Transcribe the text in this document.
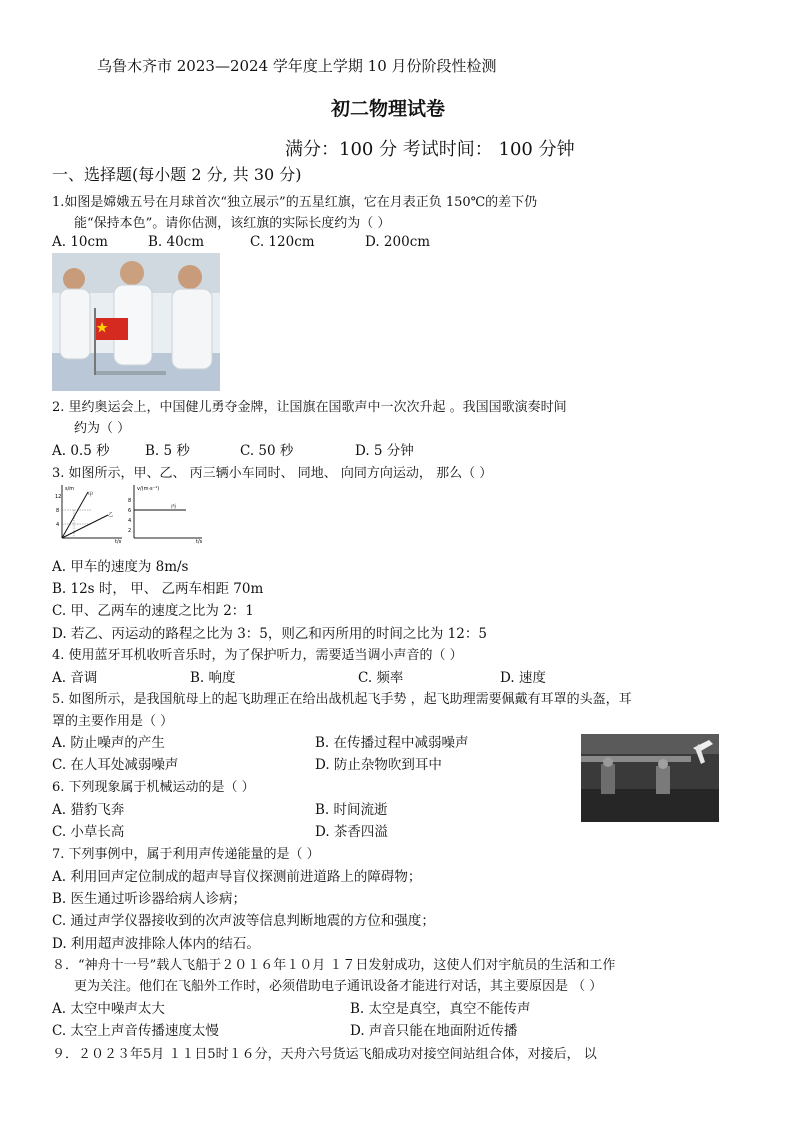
乌鲁木齐市 2023—2024 学年度上学期 10 月份阶段性检测
初二物理试卷
满分：100 分 考试时间： 100 分钟
一、选择题(每小题 2 分, 共 30 分)
1.如图是嫦娥五号在月球首次“独立展示”的五星红旗，它在月表正负 150℃的差下仍
能“保持本色”。请你估测，该红旗的实际长度约为（ ）
A. 10cm	B. 40cm	C. 120cm	D. 200cm
2. 里约奥运会上，中国健儿勇夺金牌，让国旗在国歌声中一次次升起 。我国国歌演奏时间
约为（ ）
A. 0.5 秒	B. 5 秒	C. 50 秒	D. 5 分钟
3. 如图所示，甲、乙、 丙三辆小车同时、 同地、 向同方向运动， 那么（ ）
s/m
t/s
12
8
4
甲
乙
v/(m·s⁻¹)
t/s
8
6
4
2
丙
A. 甲车的速度为 8m/s
B. 12s 时， 甲、 乙两车相距 70m
C. 甲、乙两车的速度之比为 2：1
D. 若乙、丙运动的路程之比为 3：5，则乙和丙所用的时间之比为 12：5
4. 使用蓝牙耳机收听音乐时，为了保护听力，需要适当调小声音的（ ）
A. 音调	B. 响度	C. 频率	D. 速度
5. 如图所示，是我国航母上的起飞助理正在给出战机起飞手势 ，起飞助理需要佩戴有耳罩的头盔，耳
罩的主要作用是（ ）
A. 防止噪声的产生	B. 在传播过程中减弱噪声
C. 在人耳处减弱噪声	D. 防止杂物吹到耳中
6. 下列现象属于机械运动的是（ ）
A. 猎豹飞奔	B. 时间流逝
C. 小草长高	D. 茶香四溢
7. 下列事例中，属于利用声传递能量的是（ ）
A. 利用回声定位制成的超声导盲仪探测前进道路上的障碍物；
B. 医生通过听诊器给病人诊病；
C. 通过声学仪器接收到的次声波等信息判断地震的方位和强度；
D. 利用超声波排除人体内的结石。
８．“神舟十一号”载人飞船于２０１６年１０月 １７日发射成功，这使人们对宇航员的生活和工作
更为关注。他们在飞船外工作时，必须借助电子通讯设备才能进行对话，其主要原因是 （ ）
A. 太空中噪声太大	B. 太空是真空，真空不能传声
C. 太空上声音传播速度太慢	D. 声音只能在地面附近传播
９．２０２３年5月 １１日5时１６分，天舟六号货运飞船成功对接空间站组合体，对接后， 以
